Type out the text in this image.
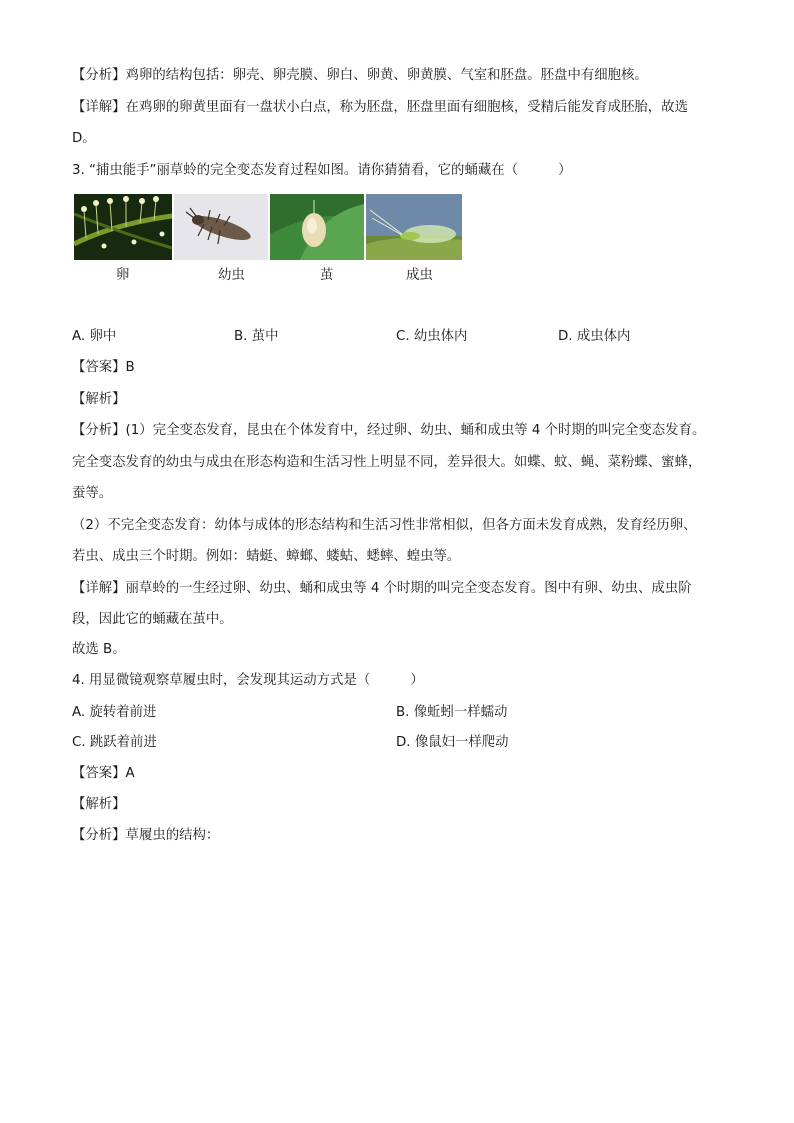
【分析】鸡卵的结构包括：卵壳、卵壳膜、卵白、卵黄、卵黄膜、气室和胚盘。胚盘中有细胞核。
【详解】在鸡卵的卵黄里面有一盘状小白点，称为胚盘，胚盘里面有细胞核，受精后能发育成胚胎，故选
D。
3. “捕虫能手”丽草蛉的完全变态发育过程如图。请你猜猜看，它的蛹藏在（　　　）
卵	幼虫	茧	成虫
A. 卵中	B. 茧中	C. 幼虫体内	D. 成虫体内
【答案】B
【解析】
【分析】(1）完全变态发育，昆虫在个体发育中，经过卵、幼虫、蛹和成虫等 4 个时期的叫完全变态发育。
完全变态发育的幼虫与成虫在形态构造和生活习性上明显不同，差异很大。如蝶、蚊、蝇、菜粉蝶、蜜蜂，
蚕等。
（2）不完全变态发育：幼体与成体的形态结构和生活习性非常相似，但各方面未发育成熟，发育经历卵、
若虫、成虫三个时期。例如：蜻蜓、蟑螂、蝼蛄、蟋蟀、蝗虫等。
【详解】丽草蛉的一生经过卵、幼虫、蛹和成虫等 4 个时期的叫完全变态发育。图中有卵、幼虫、成虫阶
段，因此它的蛹藏在茧中。
故选 B。
4. 用显微镜观察草履虫时，会发现其运动方式是（　　　）
A. 旋转着前进	B. 像蚯蚓一样蠕动
C. 跳跃着前进	D. 像鼠妇一样爬动
【答案】A
【解析】
【分析】草履虫的结构：
